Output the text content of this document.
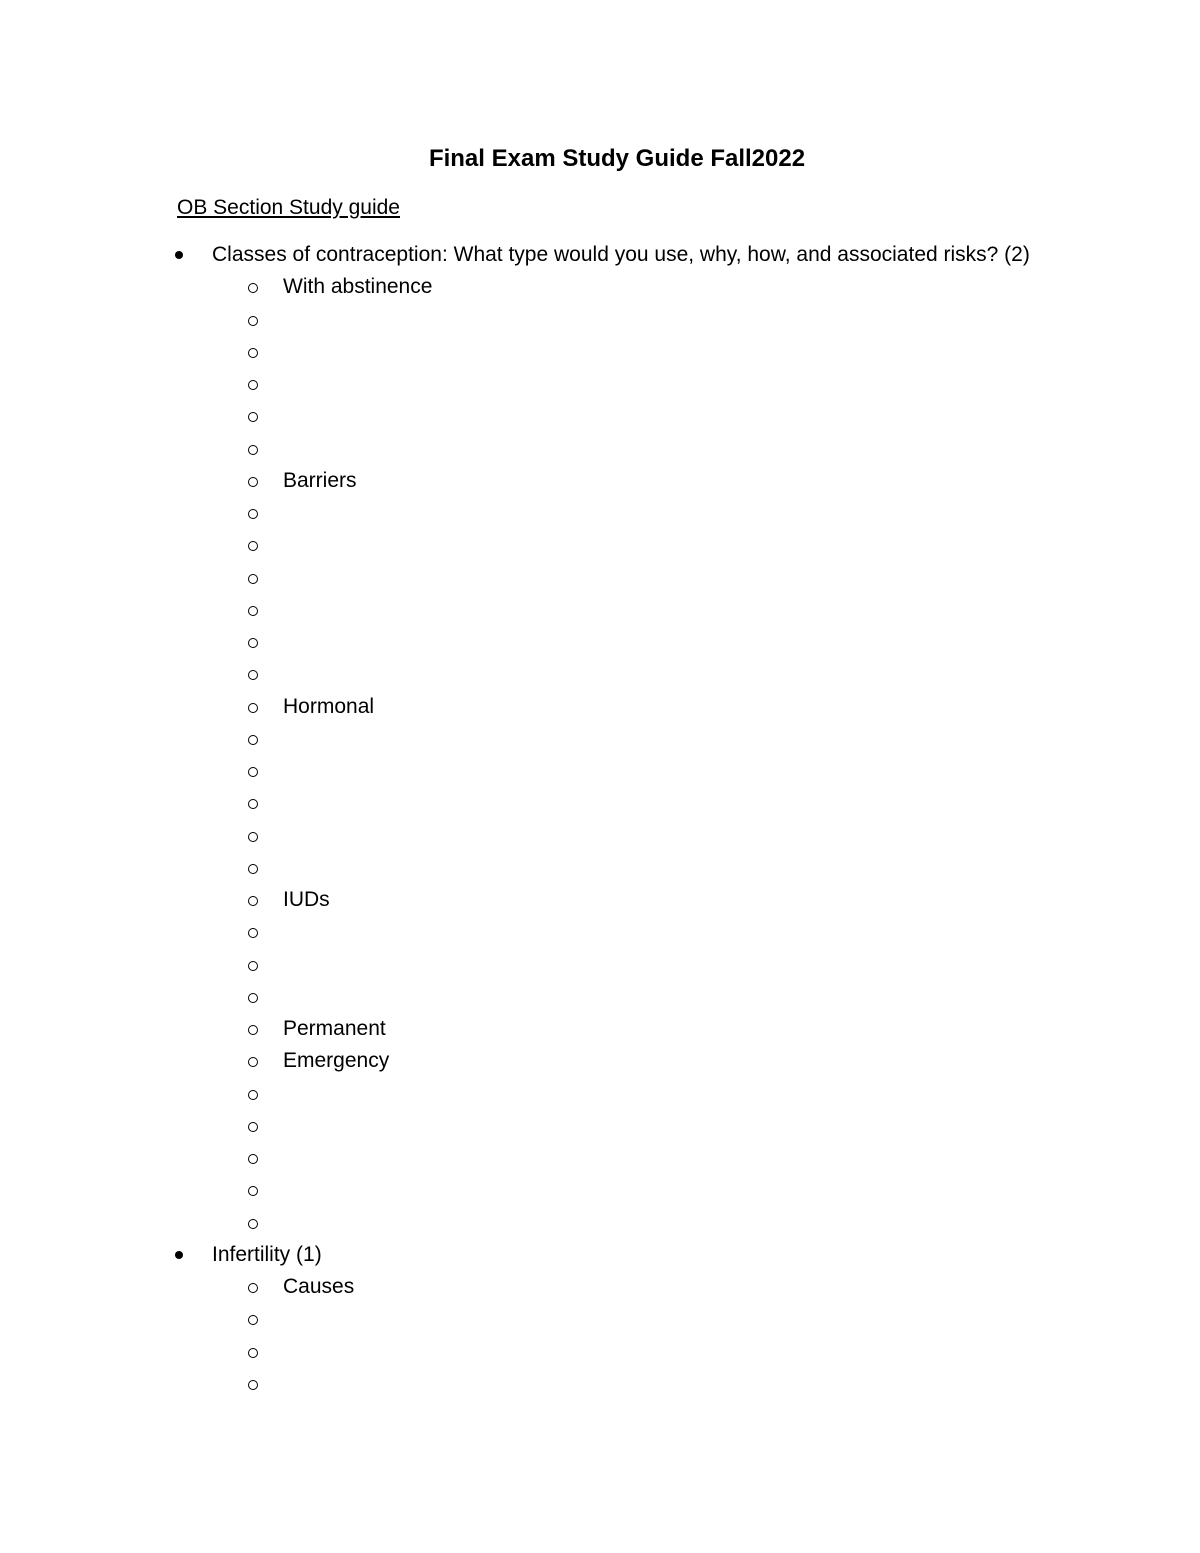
Final Exam Study Guide Fall2022
OB Section Study guide
Classes of contraception: What type would you use, why, how, and associated risks? (2)
With abstinence
Barriers
Hormonal
IUDs
Permanent
Emergency
Infertility (1)
Causes
